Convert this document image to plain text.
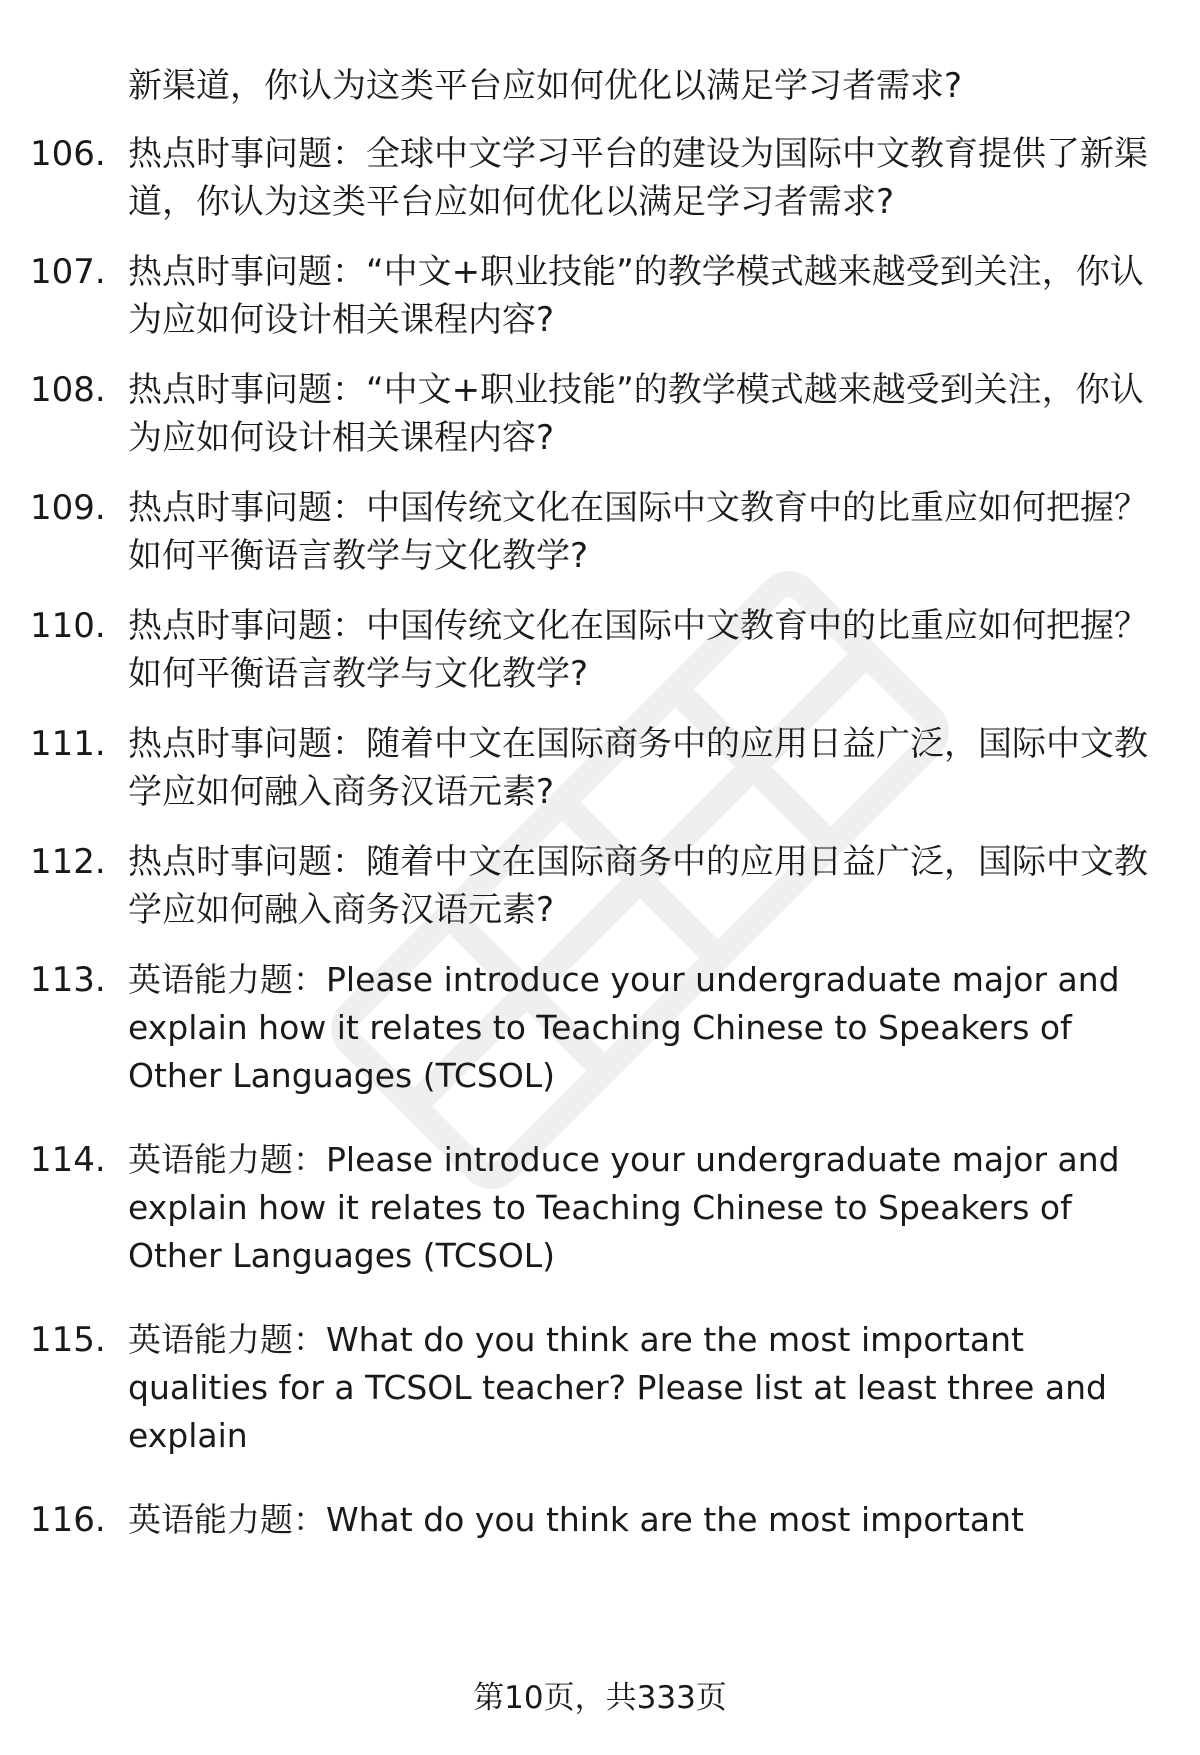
新渠道，你认为这类平台应如何优化以满足学习者需求?

106. 热点时事问题：全球中文学习平台的建设为国际中文教育提供了新渠道，你认为这类平台应如何优化以满足学习者需求?

107. 热点时事问题：“中文+职业技能”的教学模式越来越受到关注，你认为应如何设计相关课程内容?

108. 热点时事问题：“中文+职业技能”的教学模式越来越受到关注，你认为应如何设计相关课程内容?

109. 热点时事问题：中国传统文化在国际中文教育中的比重应如何把握？如何平衡语言教学与文化教学?

110. 热点时事问题：中国传统文化在国际中文教育中的比重应如何把握？如何平衡语言教学与文化教学?

111. 热点时事问题：随着中文在国际商务中的应用日益广泛，国际中文教学应如何融入商务汉语元素?

112. 热点时事问题：随着中文在国际商务中的应用日益广泛，国际中文教学应如何融入商务汉语元素?

113. 英语能力题：Please introduce your undergraduate major and explain how it relates to Teaching Chinese to Speakers of Other Languages (TCSOL)

114. 英语能力题：Please introduce your undergraduate major and explain how it relates to Teaching Chinese to Speakers of Other Languages (TCSOL)

115. 英语能力题：What do you think are the most important qualities for a TCSOL teacher? Please list at least three and explain

116. 英语能力题：What do you think are the most important

第10页，共333页
